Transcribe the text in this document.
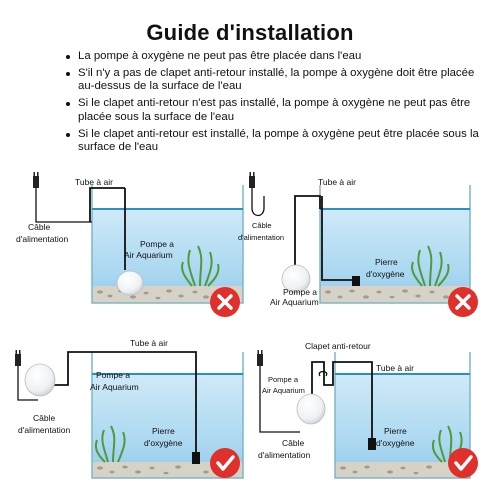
Guide d'installation
La pompe à oxygène ne peut pas être placée dans l'eau
S'il n'y a pas de clapet anti-retour installé, la pompe à oxygène doit être placée au-dessus de la surface de l'eau
Si le clapet anti-retour n'est pas installé, la pompe à oxygène ne peut pas être placée sous la surface de l'eau
Si le clapet anti-retour est installé, la pompe à oxygène peut être placée sous la surface de l'eau
Tube à air
Câble
d'alimentation	Pompe a
Air Aquarium
Tube à air
Câble
d'alimentation
Pompe a
Air Aquarium
Pierre
d'oxygène
Tube à air
Pompe a
Air Aquarium
Câble
d'alimentation	Pierre
d'oxygène
Clapet anti-retour
Tube à air
Pompe a
Air Aquarium
Câble
d'alimentation
Pierre
d'oxygène
